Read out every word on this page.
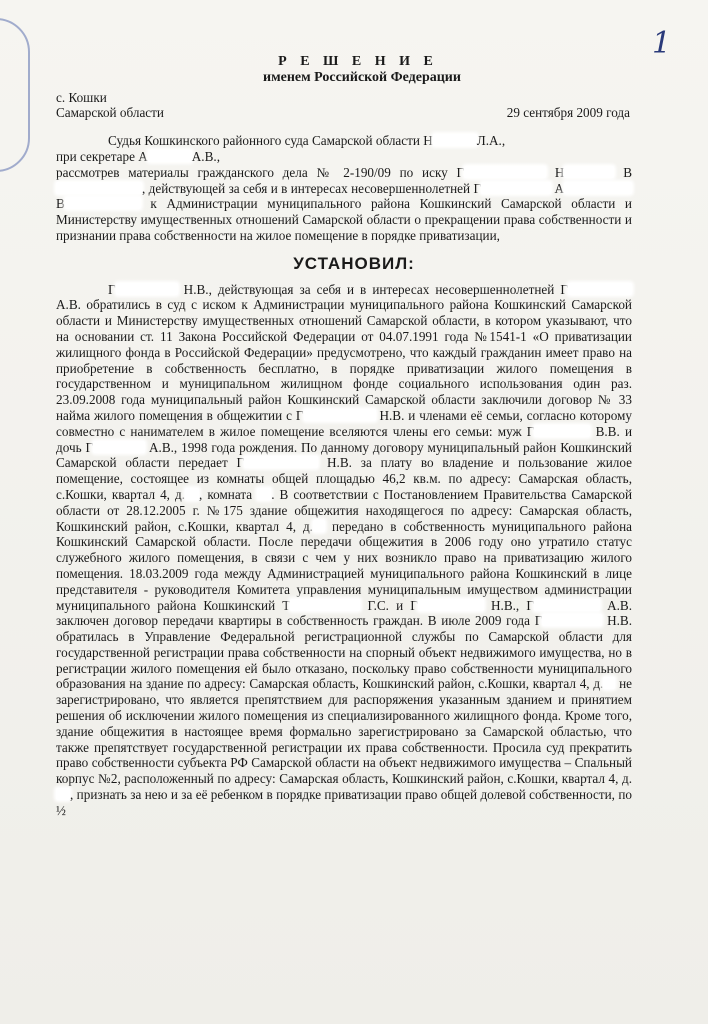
1
Р Е Ш Е Н И Е
именем Российской Федерации
с. Кошки
Самарской области	29 сентября 2009 года

Судья Кошкинского районного суда Самарской области Н	Л.А.,

при секретаре А	А.В.,

рассмотрев материалы гражданского дела № 2-190/09 по иску Г	Н	В, действующей за себя и в интересах несовершеннолетней Г	А В	к Администрации муниципального района Кошкинский Самарской области и Министерству имущественных отношений Самарской области о прекращении права собственности и признании права собственности на жилое помещение в порядке приватизации,

УСТАНОВИЛ:

Г	Н.В., действующая за себя и в интересах несовершеннолетней Г А.В. обратились в суд с иском к Администрации муниципального района Кошкинский Самарской области и Министерству имущественных отношений Самарской области, в котором указывают, что на основании ст. 11 Закона Российской Федерации от 04.07.1991 года №1541-1 «О приватизации жилищного фонда в Российской Федерации» предусмотрено, что каждый гражданин имеет право на приобретение в собственность бесплатно, в порядке приватизации жилого помещения в государственном и муниципальном жилищном фонде социального использования один раз. 23.09.2008 года муниципальный район Кошкинский Самарской области заключили договор № 33 найма жилого помещения в общежитии с Г	Н.В. и членами её семьи, согласно которому совместно с нанимателем в жилое помещение вселяются члены его семьи: муж Г	В.В. и дочь Г	А.В., 1998 года рождения. По данному договору муниципальный район Кошкинский Самарской области передает Г	Н.В. за плату во владение и пользование жилое помещение, состоящее из комнаты общей площадью 46,2 кв.м. по адресу: Самарская область, с.Кошки, квартал 4, д. , комната . В соответствии с Постановлением Правительства Самарской области от 28.12.2005 г. №175 здание общежития находящегося по адресу: Самарская область, Кошкинский район, с.Кошки, квартал 4, д. передано в собственность муниципального района Кошкинский Самарской области. После передачи общежития в 2006 году оно утратило статус служебного жилого помещения, в связи с чем у них возникло право на приватизацию жилого помещения. 18.03.2009 года между Администрацией муниципального района Кошкинский в лице представителя - руководителя Комитета управления муниципальным имуществом администрации муниципального района Кошкинский Т	Г.С. и Г	Н.В., Г	А.В. заключен договор передачи квартиры в собственность граждан. В июле 2009 года Г	Н.В. обратилась в Управление Федеральной регистрационной службы по Самарской области для государственной регистрации права собственности на спорный объект недвижимого имущества, но в регистрации жилого помещения ей было отказано, поскольку право собственности муниципального образования на здание по адресу: Самарская область, Кошкинский район, с.Кошки, квартал 4, д. не зарегистрировано, что является препятствием для распоряжения указанным зданием и принятием решения об исключении жилого помещения из специализированного жилищного фонда. Кроме того, здание общежития в настоящее время формально зарегистрировано за Самарской областью, что также препятствует государственной регистрации их права собственности. Просила суд прекратить право собственности субъекта РФ Самарской области на объект недвижимого имущества – Спальный корпус №2, расположенный по адресу: Самарская область, Кошкинский район, с.Кошки, квартал 4, д., признать за нею и за её ребенком в порядке приватизации право общей долевой собственности, по ½
